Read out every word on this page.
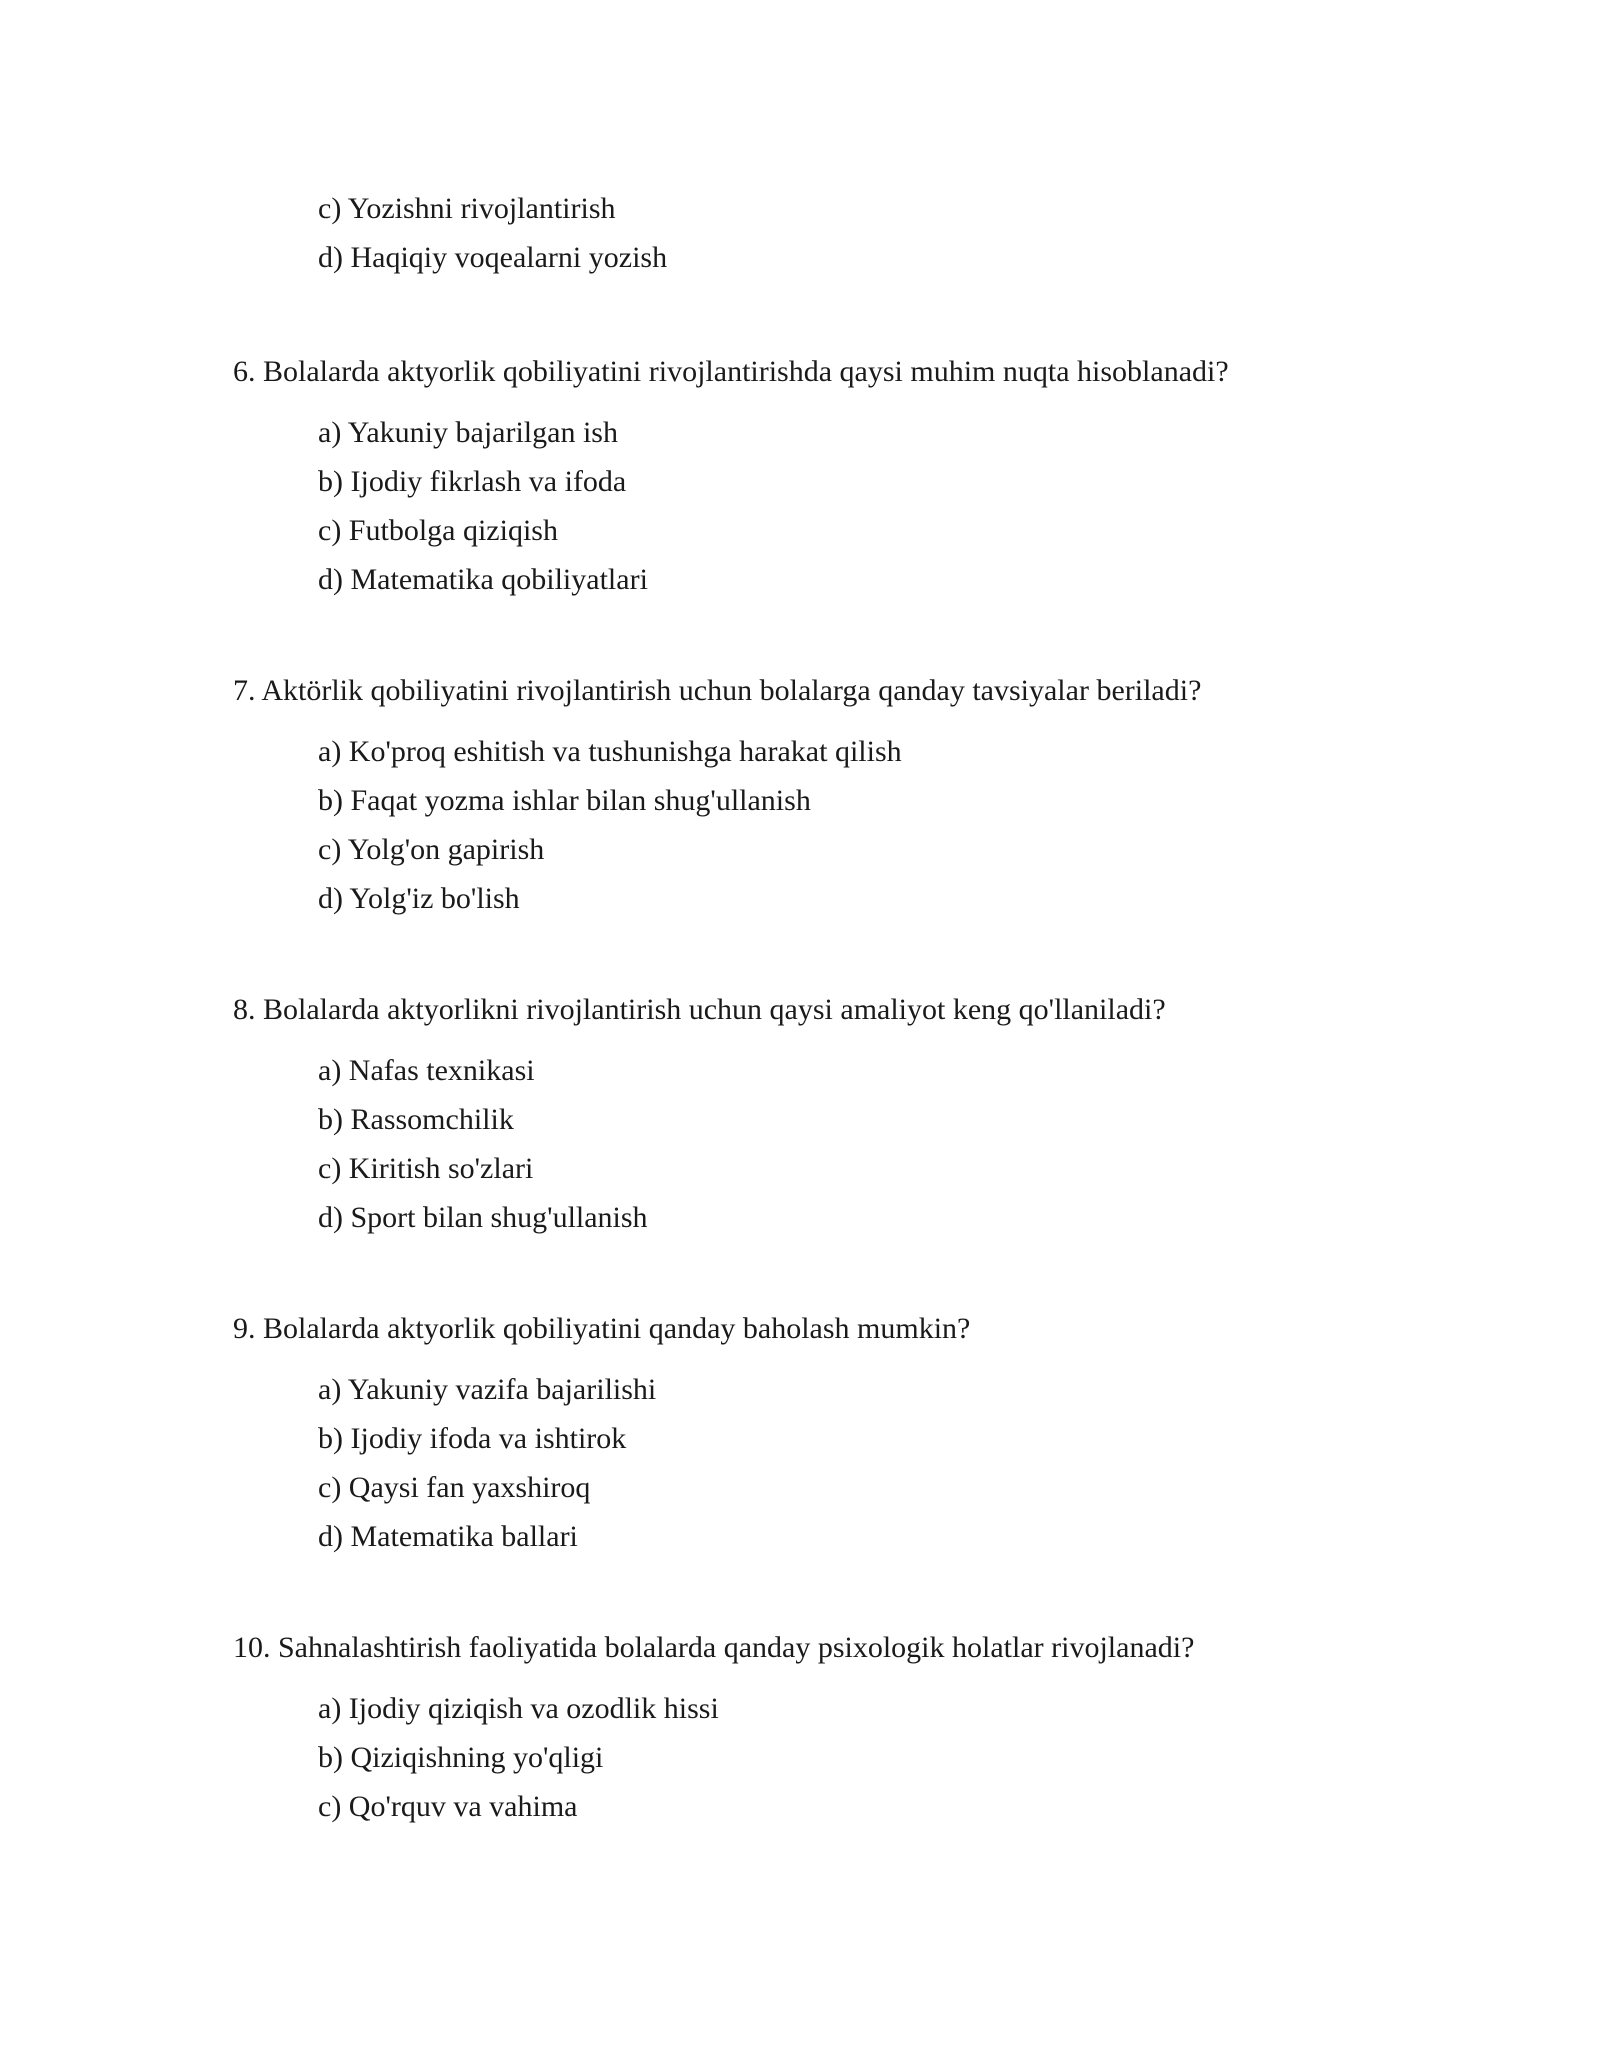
c) Yozishni rivojlantirish

d) Haqiqiy voqealarni yozish

6. Bolalarda aktyorlik qobiliyatini rivojlantirishda qaysi muhim nuqta hisoblanadi?

a) Yakuniy bajarilgan ish

b) Ijodiy fikrlash va ifoda

c) Futbolga qiziqish

d) Matematika qobiliyatlari

7. Aktörlik qobiliyatini rivojlantirish uchun bolalarga qanday tavsiyalar beriladi?

a) Ko'proq eshitish va tushunishga harakat qilish

b) Faqat yozma ishlar bilan shug'ullanish

c) Yolg'on gapirish

d) Yolg'iz bo'lish

8. Bolalarda aktyorlikni rivojlantirish uchun qaysi amaliyot keng qo'llaniladi?

a) Nafas texnikasi

b) Rassomchilik

c) Kiritish so'zlari

d) Sport bilan shug'ullanish

9. Bolalarda aktyorlik qobiliyatini qanday baholash mumkin?

a) Yakuniy vazifa bajarilishi

b) Ijodiy ifoda va ishtirok

c) Qaysi fan yaxshiroq

d) Matematika ballari

10. Sahnalashtirish faoliyatida bolalarda qanday psixologik holatlar rivojlanadi?

a) Ijodiy qiziqish va ozodlik hissi

b) Qiziqishning yo'qligi

c) Qo'rquv va vahima
